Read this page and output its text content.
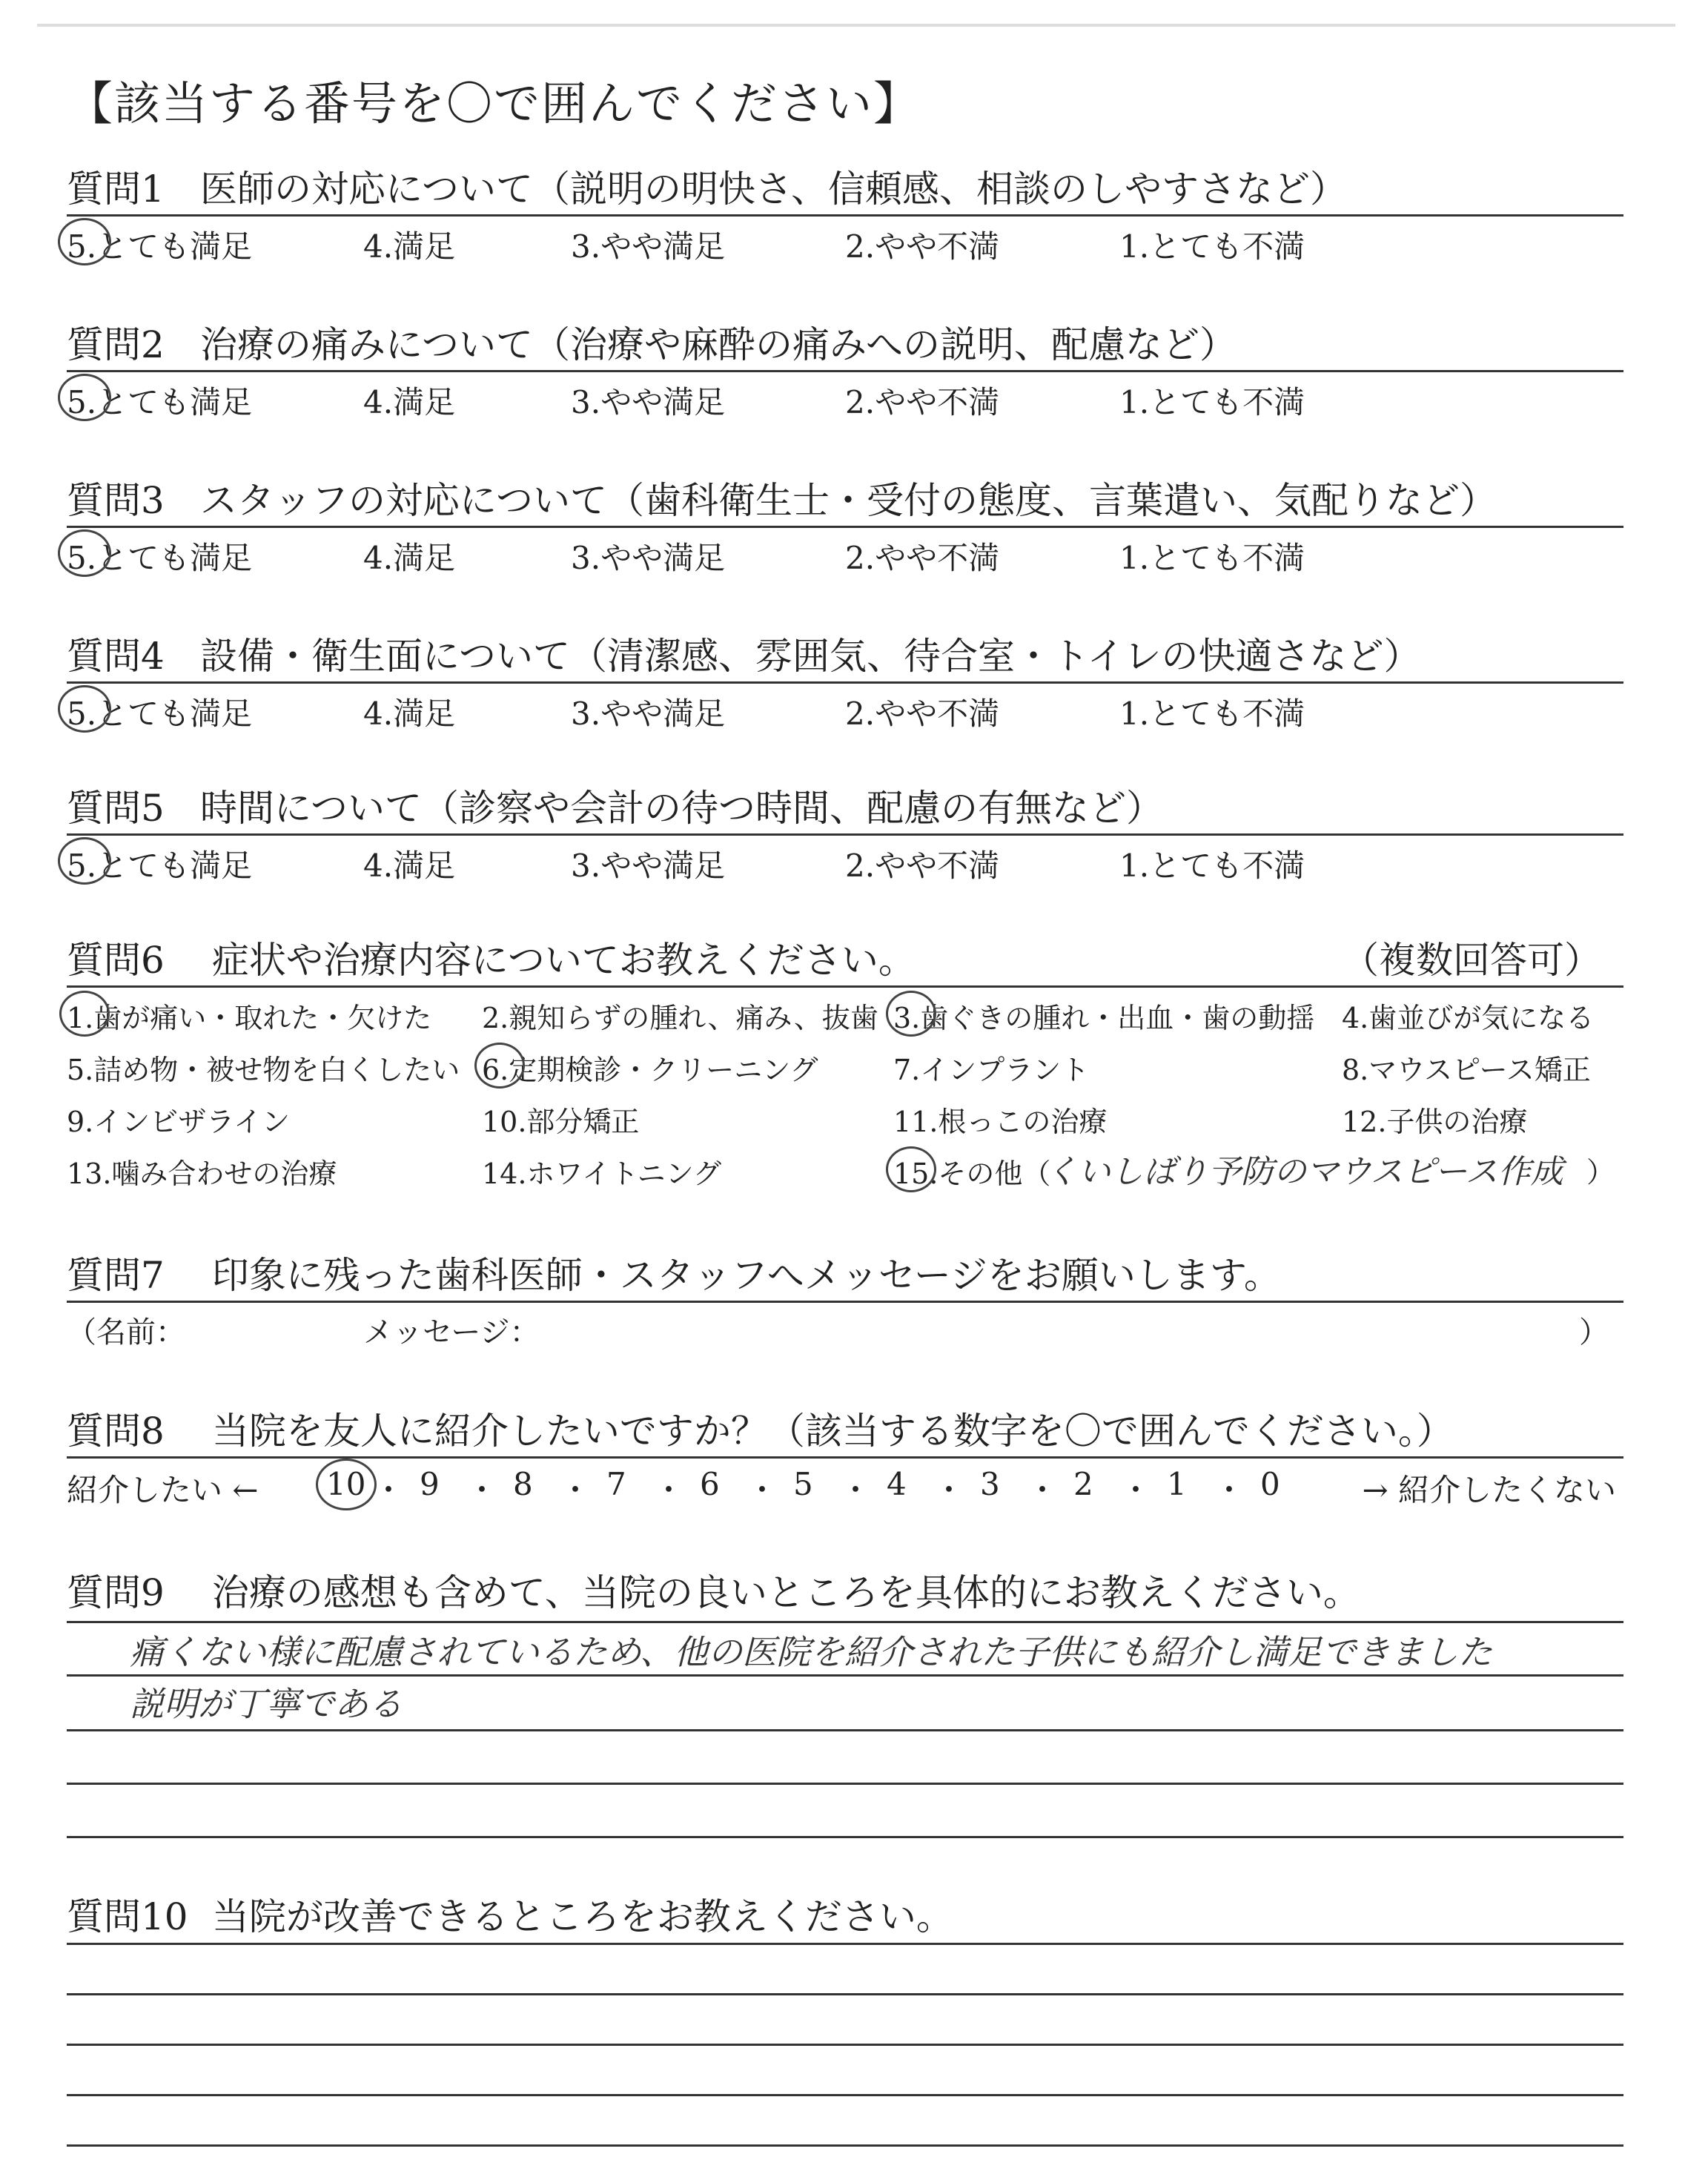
【該当する番号を〇で囲んでください】
質問1 医師の対応について（説明の明快さ、信頼感、相談のしやすさなど）
5.とても満足	4.満足	3.やや満足	2.やや不満	1.とても不満
質問2 治療の痛みについて（治療や麻酔の痛みへの説明、配慮など）
5.とても満足	4.満足	3.やや満足	2.やや不満	1.とても不満
質問3 スタッフの対応について（歯科衛生士・受付の態度、言葉遣い、気配りなど）
5.とても満足	4.満足	3.やや満足	2.やや不満	1.とても不満
質問4 設備・衛生面について（清潔感、雰囲気、待合室・トイレの快適さなど）
5.とても満足	4.満足	3.やや満足	2.やや不満	1.とても不満
質問5 時間について（診察や会計の待つ時間、配慮の有無など）
5.とても満足	4.満足	3.やや満足	2.やや不満	1.とても不満
質問6 症状や治療内容についてお教えください。	（複数回答可）
1.歯が痛い・取れた・欠けた 2.親知らずの腫れ、痛み、抜歯 3.歯ぐきの腫れ・出血・歯の動揺 4.歯並びが気になる
5.詰め物・被せ物を白くしたい 6.定期検診・クリーニング	7.インプラント	8.マウスピース矯正
9.インビザライン	10.部分矯正	11.根っこの治療	12.子供の治療
13.噛み合わせの治療	14.ホワイトニング	15.その他（
くいしばり予防のマウスピース作成 ）
質問7 印象に残った歯科医師・スタッフへメッセージをお願いします。
（名前：	メッセージ：	）
質問8 当院を友人に紹介したいですか？（該当する数字を〇で囲んでください。）
紹介したい ←	→ 紹介したくない
10 ・ 9 ・ 8 ・ 7 ・ 6 ・ 5 ・ 4 ・ 3 ・ 2 ・ 1 ・ 0
質問9 治療の感想も含めて、当院の良いところを具体的にお教えください。
痛くない様に配慮されているため、他の医院を紹介された子供にも紹介し満足できました
説明が丁寧である
質問10 当院が改善できるところをお教えください。
